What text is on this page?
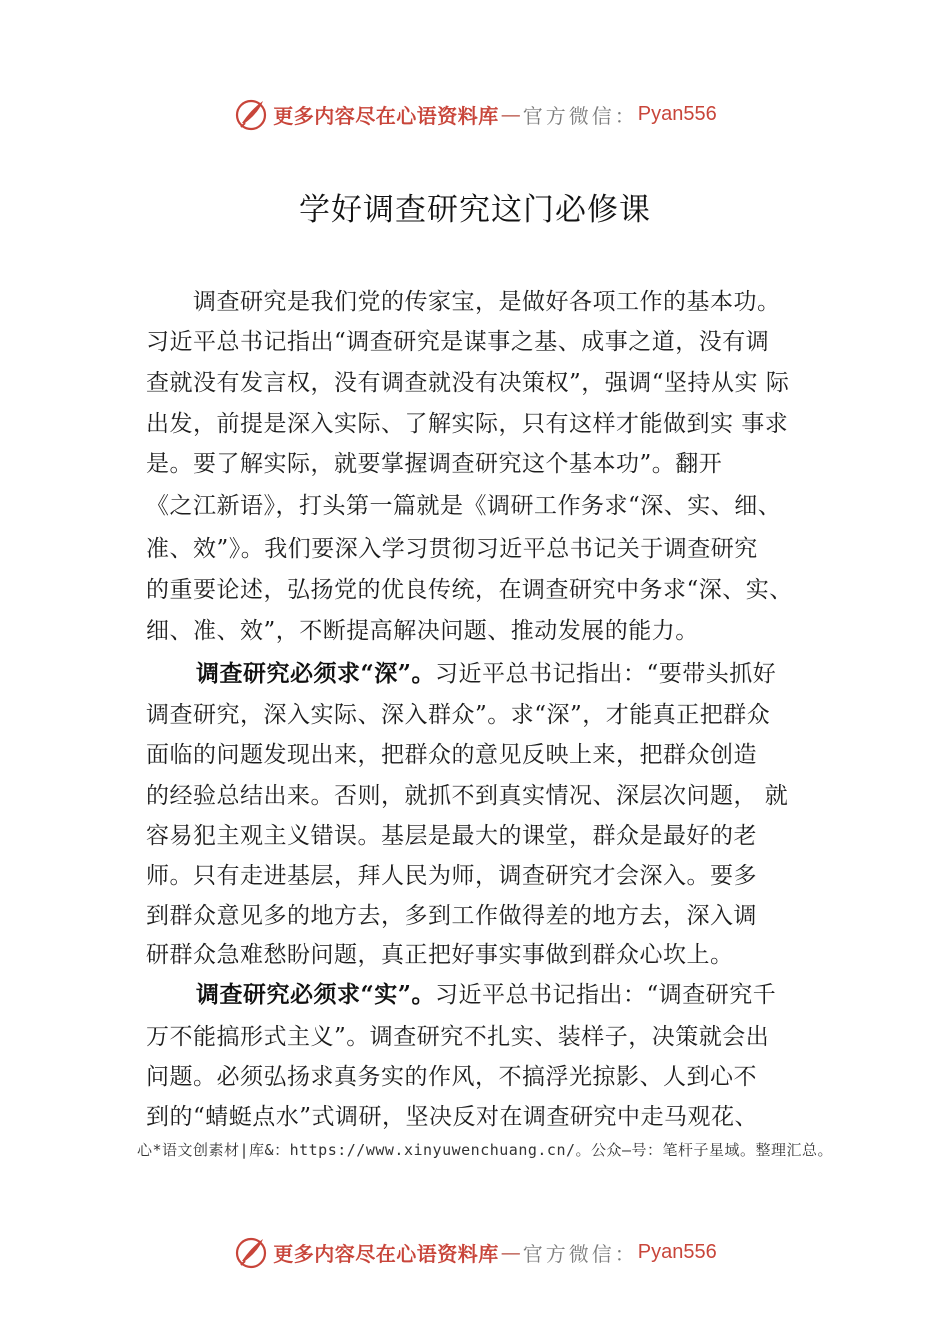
更多内容尽在心语资料库 — 官方微信： Pyan556
学好调查研究这门必修课
　　调查研究是我们党的传家宝，是做好各项工作的基本功。
习近平总书记指出“调查研究是谋事之基、成事之道，没有调
查就没有发言权，没有调查就没有决策权”，强调“坚持从实 际
出发，前提是深入实际、了解实际，只有这样才能做到实 事求
是。要了解实际，就要掌握调查研究这个基本功”。翻开
《之江新语》，打头第一篇就是《调研工作务求“深、实、细、
准、效”》。我们要深入学习贯彻习近平总书记关于调查研究
的重要论述，弘扬党的优良传统，在调查研究中务求“深、实、
细、准、效”，不断提高解决问题、推动发展的能力。
调查研究必须求“深”。习近平总书记指出：“要带头抓好
调查研究，深入实际、深入群众”。求“深”，才能真正把群众
面临的问题发现出来，把群众的意见反映上来，把群众创造
的经验总结出来。否则，就抓不到真实情况、深层次问题， 就
容易犯主观主义错误。基层是最大的课堂，群众是最好的老
师。只有走进基层，拜人民为师，调查研究才会深入。要多
到群众意见多的地方去，多到工作做得差的地方去，深入调
研群众急难愁盼问题，真正把好事实事做到群众心坎上。
调查研究必须求“实”。习近平总书记指出：“调查研究千
万不能搞形式主义”。调查研究不扎实、装样子，决策就会出
问题。必须弘扬求真务实的作风，不搞浮光掠影、人到心不
到的“蜻蜓点水”式调研，坚决反对在调查研究中走马观花、
心*语文创素材|库&：https://www.xinyuwenchuang.cn/。公众—号：笔杆子星域。整理汇总。
更多内容尽在心语资料库 — 官方微信： Pyan556
